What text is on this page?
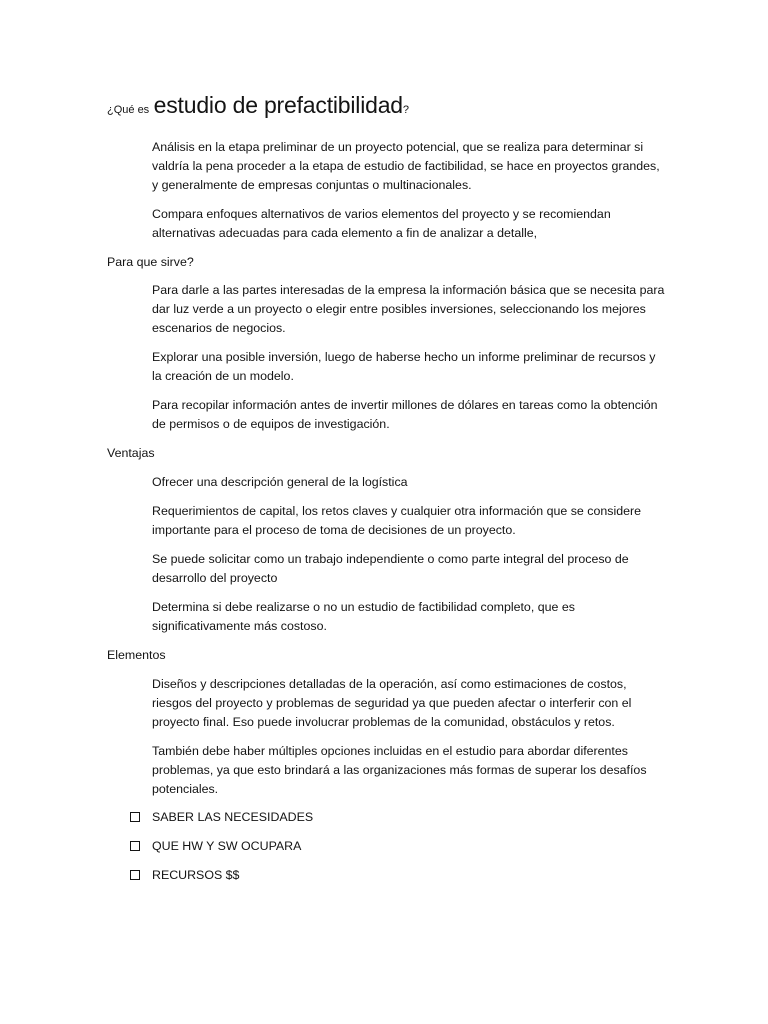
¿Qué es estudio de prefactibilidad?

Análisis en la etapa preliminar de un proyecto potencial, que se realiza para determinar si valdría la pena proceder a la etapa de estudio de factibilidad, se hace en proyectos grandes, y generalmente de empresas conjuntas o multinacionales.

Compara enfoques alternativos de varios elementos del proyecto y se recomiendan alternativas adecuadas para cada elemento a fin de analizar a detalle,

Para que sirve?

Para darle a las partes interesadas de la empresa la información básica que se necesita para dar luz verde a un proyecto o elegir entre posibles inversiones, seleccionando los mejores escenarios de negocios.

Explorar una posible inversión, luego de haberse hecho un informe preliminar de recursos y la creación de un modelo.

Para recopilar información antes de invertir millones de dólares en tareas como la obtención de permisos o de equipos de investigación.

Ventajas

Ofrecer una descripción general de la logística

Requerimientos de capital, los retos claves y cualquier otra información que se considere importante para el proceso de toma de decisiones de un proyecto.

Se puede solicitar como un trabajo independiente o como parte integral del proceso de desarrollo del proyecto

Determina si debe realizarse o no un estudio de factibilidad completo, que es significativamente más costoso.

Elementos

Diseños y descripciones detalladas de la operación, así como estimaciones de costos, riesgos del proyecto y problemas de seguridad ya que pueden afectar o interferir con el proyecto final. Eso puede involucrar problemas de la comunidad, obstáculos y retos.

También debe haber múltiples opciones incluidas en el estudio para abordar diferentes problemas, ya que esto brindará a las organizaciones más formas de superar los desafíos potenciales.

SABER LAS NECESIDADES
QUE HW Y SW OCUPARA
RECURSOS $$
